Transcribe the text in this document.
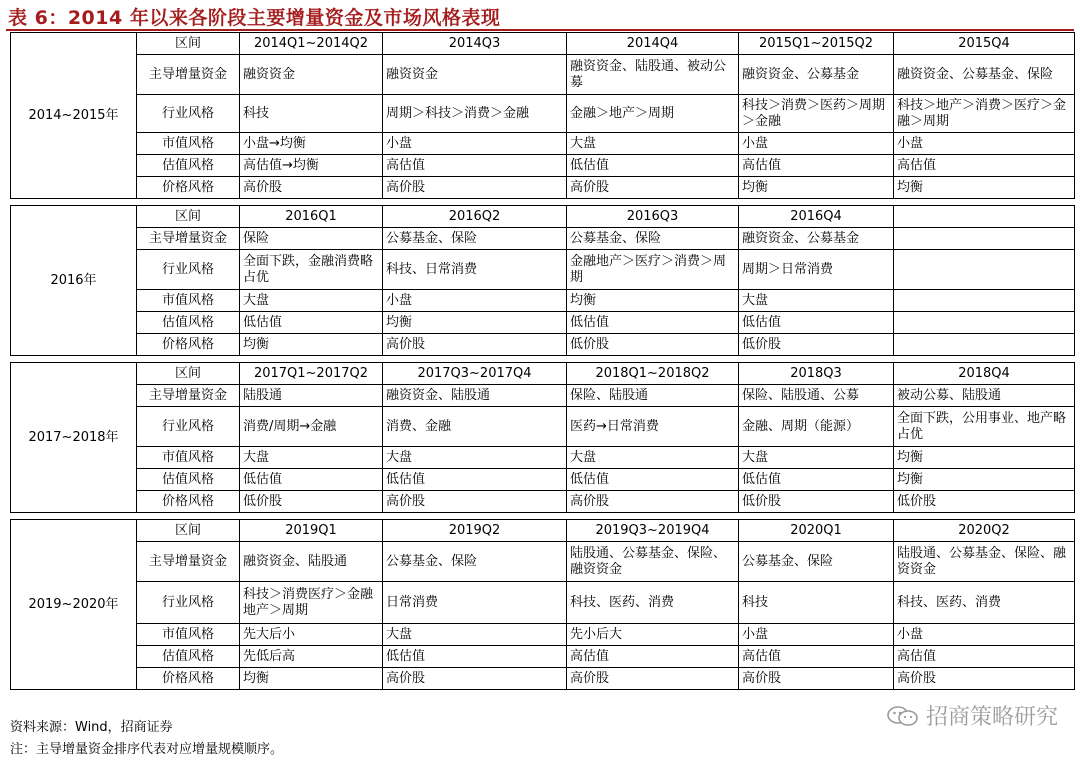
表 6：2014 年以来各阶段主要增量资金及市场风格表现
2014~2015年	区间	2014Q1~2014Q2	2014Q3	2014Q4	2015Q1~2015Q2	2015Q4
	主导增量资金	融资资金	融资资金	融资资金、陆股通、被动公募	融资资金、公募基金	融资资金、公募基金、保险
	行业风格	科技	周期＞科技＞消费＞金融	金融＞地产＞周期	科技＞消费＞医药＞周期＞金融	科技＞地产＞消费＞医疗＞金融＞周期
	市值风格	小盘→均衡	小盘	大盘	小盘	小盘
	估值风格	高估值→均衡	高估值	低估值	高估值	高估值
	价格风格	高价股	高价股	高价股	均衡	均衡

2016年	区间	2016Q1	2016Q2	2016Q3	2016Q4	
	主导增量资金	保险	公募基金、保险	公募基金、保险	融资资金、公募基金	
	行业风格	全面下跌，金融消费略占优	科技、日常消费	金融地产＞医疗＞消费＞周期	周期＞日常消费	
	市值风格	大盘	小盘	均衡	大盘	
	估值风格	低估值	均衡	低估值	低估值	
	价格风格	均衡	高价股	低价股	低价股	

2017~2018年	区间	2017Q1~2017Q2	2017Q3~2017Q4	2018Q1~2018Q2	2018Q3	2018Q4
	主导增量资金	陆股通	融资资金、陆股通	保险、陆股通	保险、陆股通、公募	被动公募、陆股通
	行业风格	消费/周期→金融	消费、金融	医药→日常消费	金融、周期（能源）	全面下跌，公用事业、地产略占优
	市值风格	大盘	大盘	大盘	大盘	均衡
	估值风格	低估值	低估值	低估值	低估值	均衡
	价格风格	低价股	高价股	高价股	低价股	低价股

2019~2020年	区间	2019Q1	2019Q2	2019Q3~2019Q4	2020Q1	2020Q2
	主导增量资金	融资资金、陆股通	公募基金、保险	陆股通、公募基金、保险、融资资金	公募基金、保险	陆股通、公募基金、保险、融资资金
	行业风格	科技＞消费医疗＞金融地产＞周期	日常消费	科技、医药、消费	科技	科技、医药、消费
	市值风格	先大后小	大盘	先小后大	小盘	小盘
	估值风格	先低后高	低估值	高估值	高估值	高估值
	价格风格	均衡	高价股	高价股	高价股	高价股
资料来源：Wind，招商证券
注：主导增量资金排序代表对应增量规模顺序。
招商策略研究
